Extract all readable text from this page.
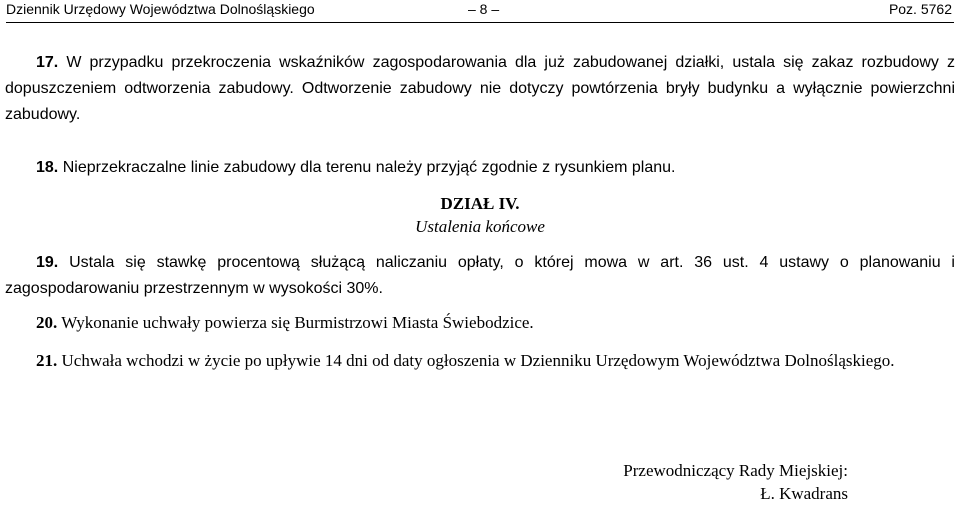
Dziennik Urzędowy Województwa Dolnośląskiego	– 8 –	Poz. 5762

17. W przypadku przekroczenia wskaźników zagospodarowania dla już zabudowanej działki, ustala się zakaz rozbudowy z dopuszczeniem odtworzenia zabudowy. Odtworzenie zabudowy nie dotyczy powtórzenia bryły budynku a wyłącznie powierzchni zabudowy.

18. Nieprzekraczalne linie zabudowy dla terenu należy przyjąć zgodnie z rysunkiem planu.

DZIAŁ IV.
Ustalenia końcowe

19. Ustala się stawkę procentową służącą naliczaniu opłaty, o której mowa w art. 36 ust. 4 ustawy o planowaniu i zagospodarowaniu przestrzennym w wysokości 30%.

20. Wykonanie uchwały powierza się Burmistrzowi Miasta Świebodzice.

21. Uchwała wchodzi w życie po upływie 14 dni od daty ogłoszenia w Dzienniku Urzędowym Województwa Dolnośląskiego.

Przewodniczący Rady Miejskiej:
Ł. Kwadrans
